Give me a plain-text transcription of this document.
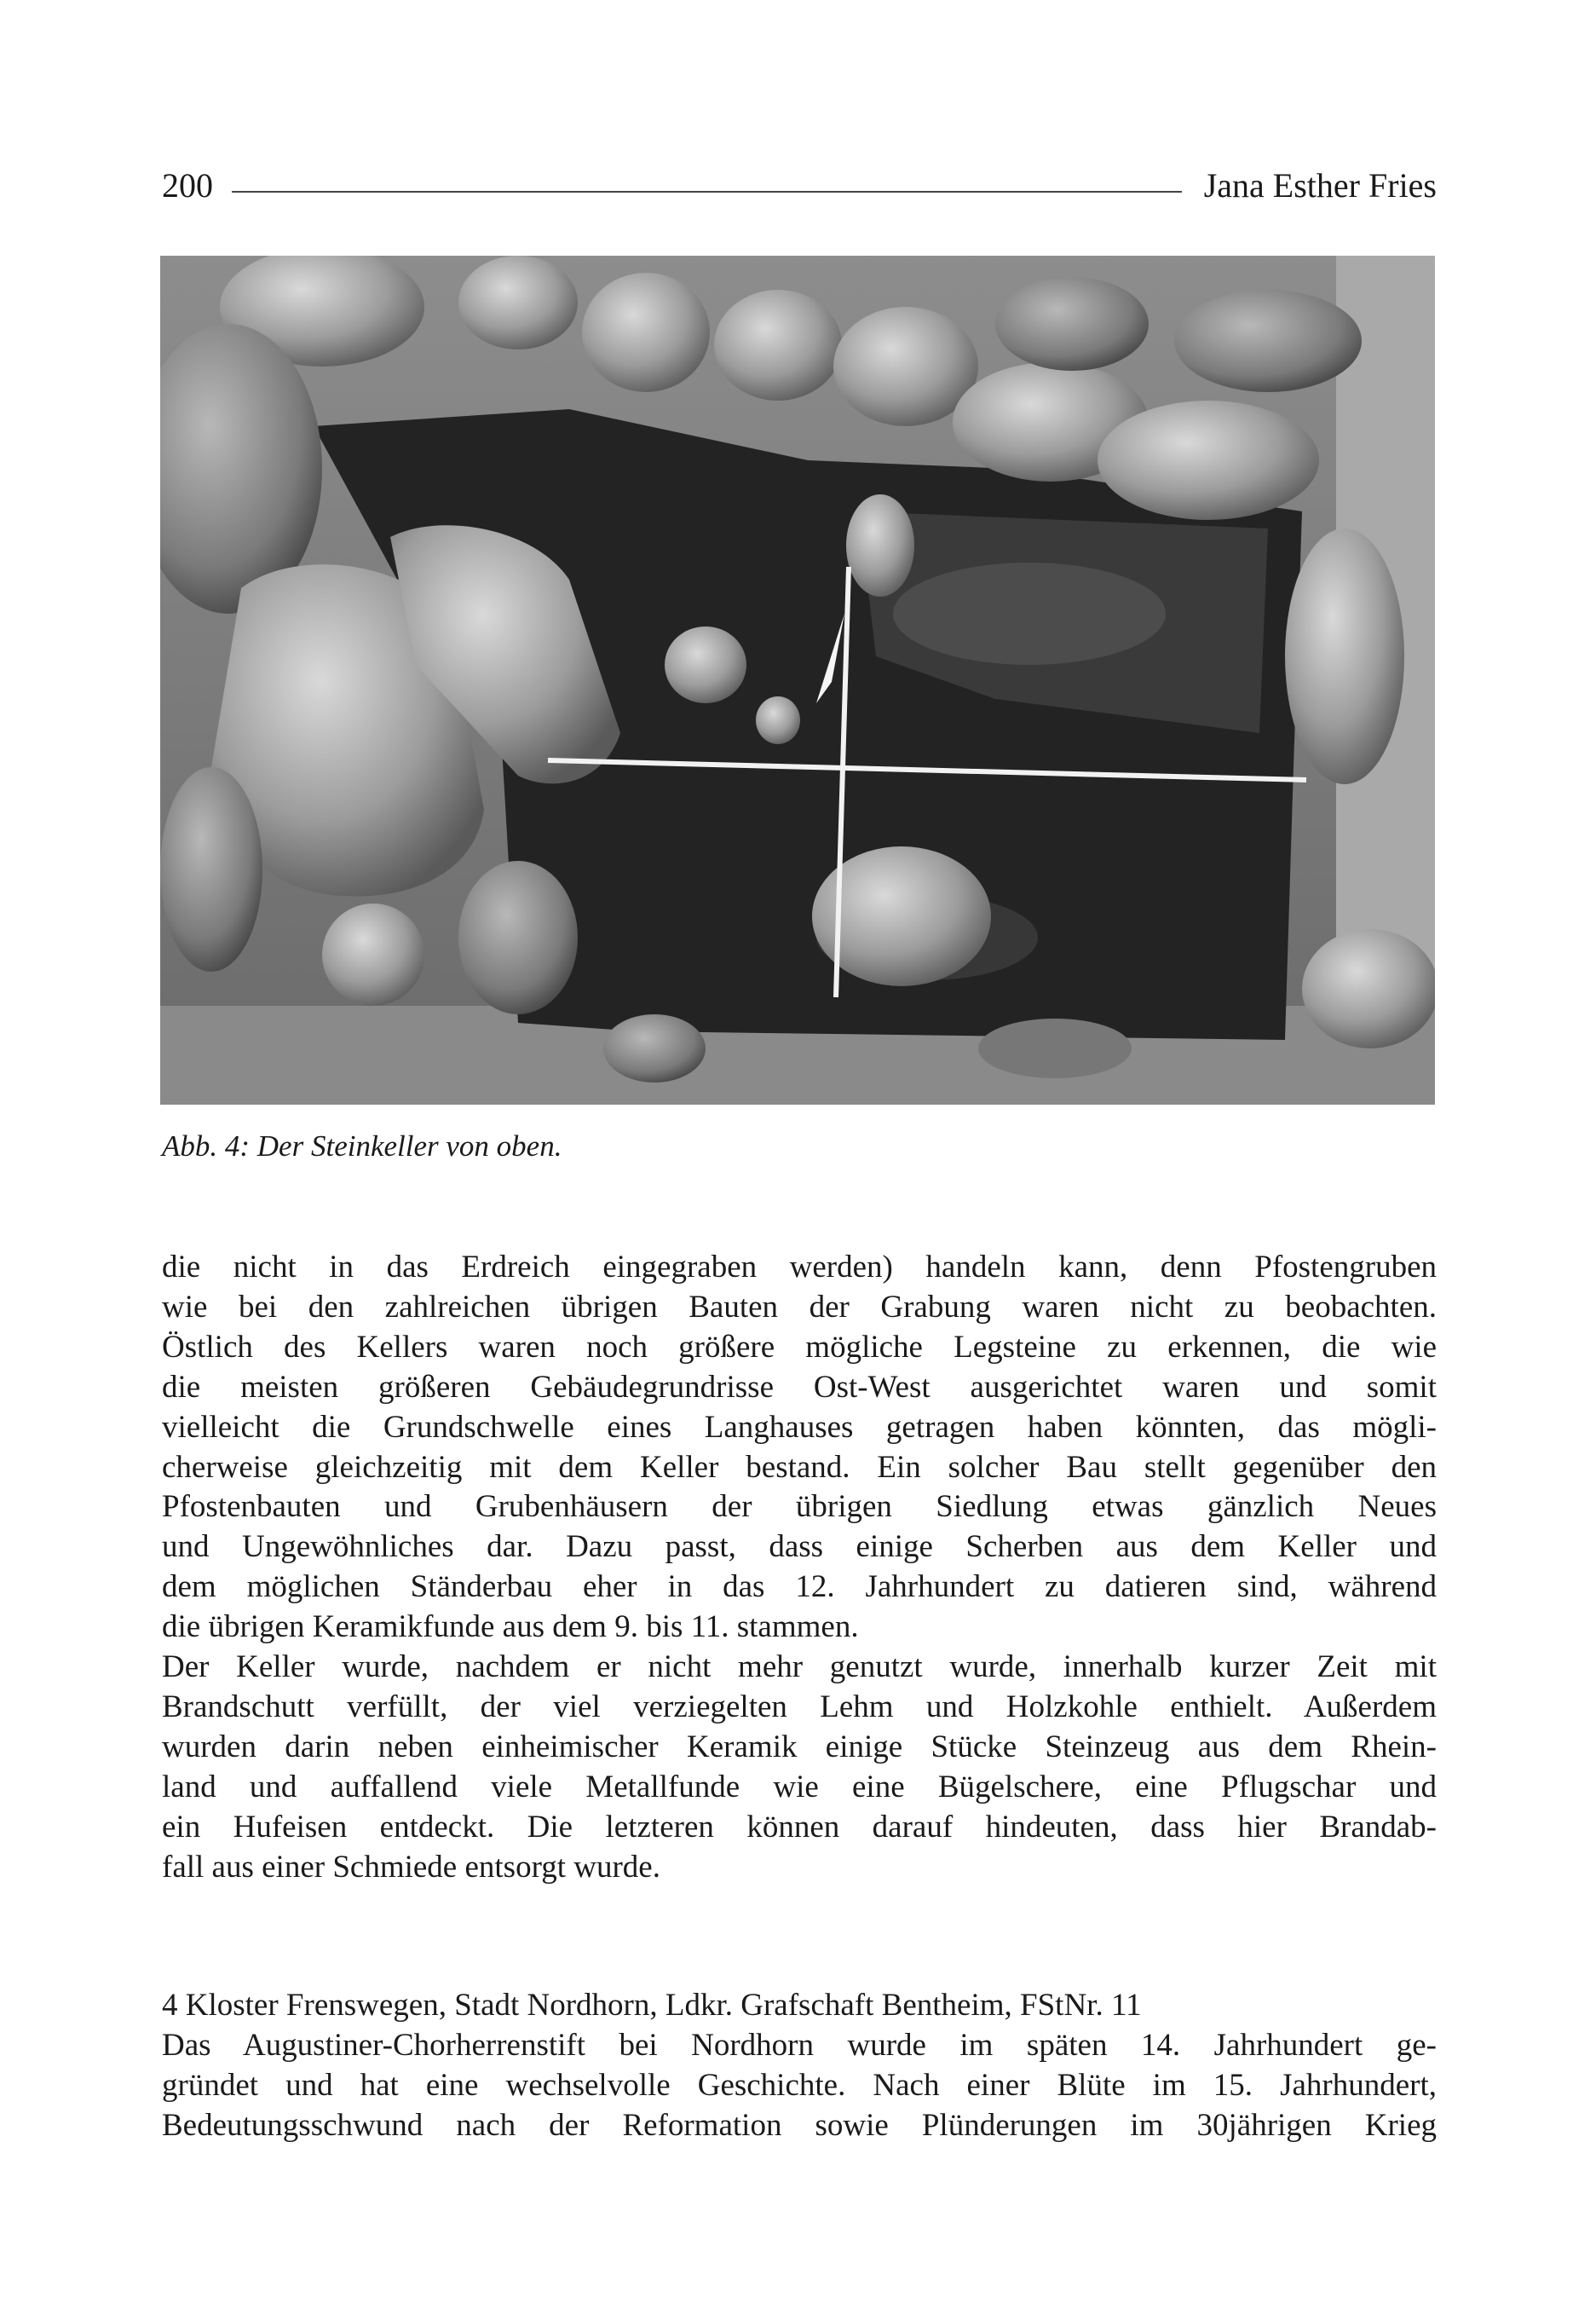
200	Jana Esther Fries
Abb. 4: Der Steinkeller von oben.
die nicht in das Erdreich eingegraben werden) handeln kann, denn Pfostengruben
wie bei den zahlreichen übrigen Bauten der Grabung waren nicht zu beobachten.
Östlich des Kellers waren noch größere mögliche Legsteine zu erkennen, die wie
die meisten größeren Gebäudegrundrisse Ost-West ausgerichtet waren und somit
vielleicht die Grundschwelle eines Langhauses getragen haben könnten, das mögli-
cherweise gleichzeitig mit dem Keller bestand. Ein solcher Bau stellt gegenüber den
Pfostenbauten und Grubenhäusern der übrigen Siedlung etwas gänzlich Neues
und Ungewöhnliches dar. Dazu passt, dass einige Scherben aus dem Keller und
dem möglichen Ständerbau eher in das 12. Jahrhundert zu datieren sind, während
die übrigen Keramikfunde aus dem 9. bis 11. stammen.
Der Keller wurde, nachdem er nicht mehr genutzt wurde, innerhalb kurzer Zeit mit
Brandschutt verfüllt, der viel verziegelten Lehm und Holzkohle enthielt. Außerdem
wurden darin neben einheimischer Keramik einige Stücke Steinzeug aus dem Rhein-
land und auffallend viele Metallfunde wie eine Bügelschere, eine Pflugschar und
ein Hufeisen entdeckt. Die letzteren können darauf hindeuten, dass hier Brandab-
fall aus einer Schmiede entsorgt wurde.
4 Kloster Frenswegen, Stadt Nordhorn, Ldkr. Grafschaft Bentheim, FStNr. 11
Das Augustiner-Chorherrenstift bei Nordhorn wurde im späten 14. Jahrhundert ge-
gründet und hat eine wechselvolle Geschichte. Nach einer Blüte im 15. Jahrhundert,
Bedeutungsschwund nach der Reformation sowie Plünderungen im 30jährigen Krieg
